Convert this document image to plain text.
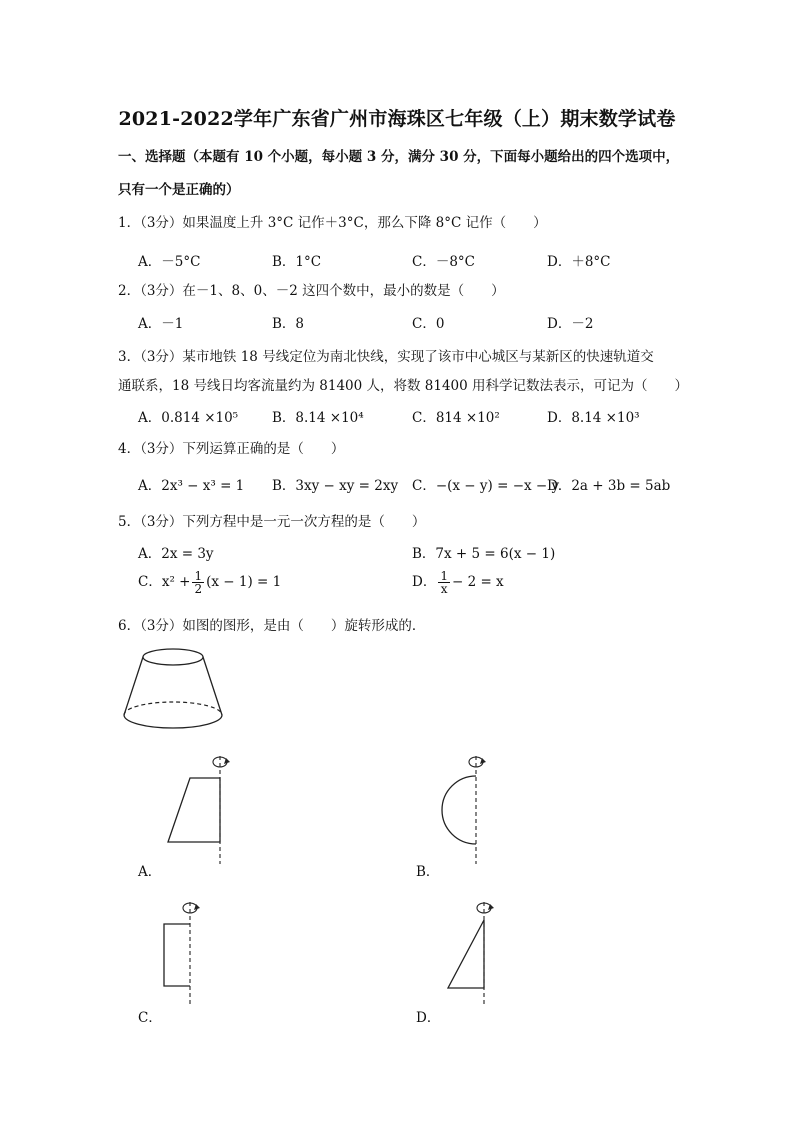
2021-2022学年广东省广州市海珠区七年级（上）期末数学试卷
一、选择题（本题有 10 个小题，每小题 3 分，满分 30 分，下面每小题给出的四个选项中，
只有一个是正确的）
1．（3分）如果温度上升 3°C 记作＋3°C，那么下降 8°C 记作（　　）
A．－5°C	B．1°C	C．－8°C	D．＋8°C
2．（3分）在－1、8、0、－2 这四个数中，最小的数是（　　）
A．－1	B．8	C．0	D．－2
3．（3分）某市地铁 18 号线定位为南北快线，实现了该市中心城区与某新区的快速轨道交
通联系，18 号线日均客流量约为 81400 人，将数 81400 用科学记数法表示，可记为（　　）
A．0.814 ×10⁵	B．8.14 ×10⁴	C．814 ×10²	D．8.14 ×10³
4．（3分）下列运算正确的是（　　）
A．2x³ − x³ = 1 B．3xy − xy = 2xy C．−(x − y) = −x − y
D．2a + 3b = 5ab
5．（3分）下列方程中是一元一次方程的是（　　）
A．2x = 3y	B．7x + 5 = 6(x − 1)
C．$x^2 + \frac{1}{2} (x - 1) = 1$	D． $\frac{1}{x} - 2 = x$
6．（3分）如图的图形，是由（　　）旋转形成的．
A．	B．
C．	D．
